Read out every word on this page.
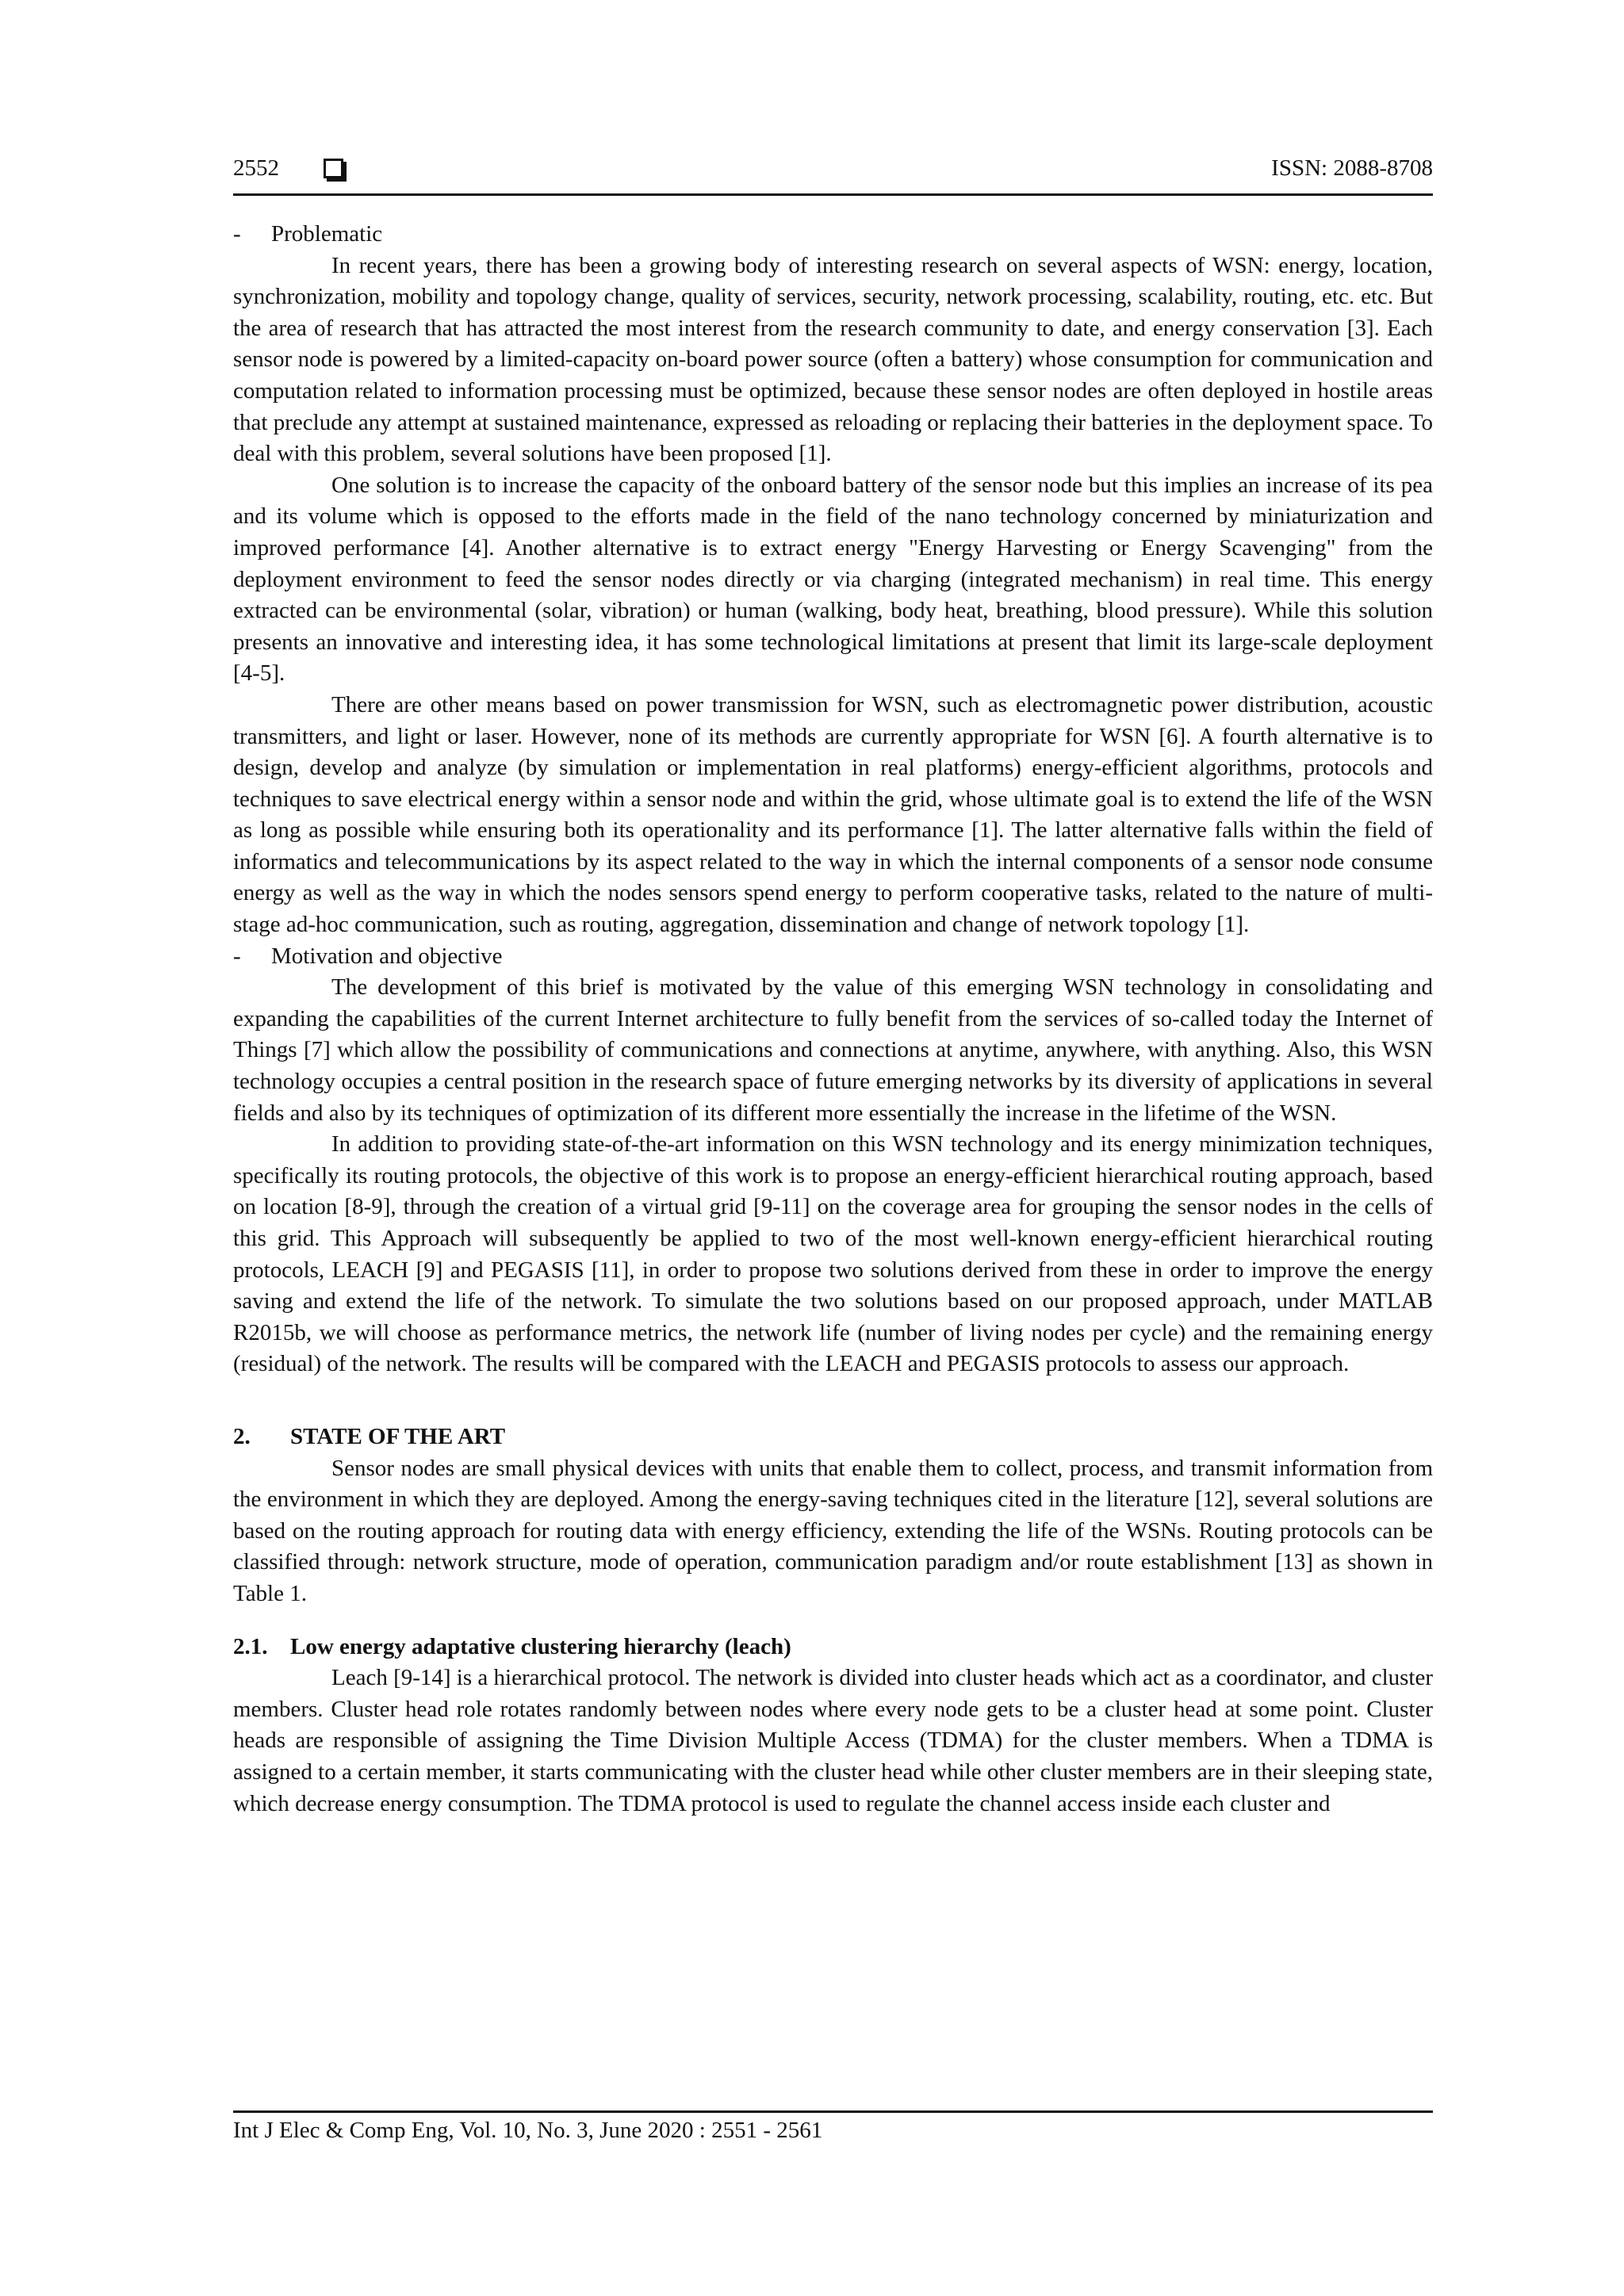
2552	ISSN: 2088-8708
- Problematic

In recent years, there has been a growing body of interesting research on several aspects of WSN: energy, location, synchronization, mobility and topology change, quality of services, security, network processing, scalability, routing, etc. etc. But the area of research that has attracted the most interest from the research community to date, and energy conservation [3]. Each sensor node is powered by a limited-capacity on-board power source (often a battery) whose consumption for communication and computation related to information processing must be optimized, because these sensor nodes are often deployed in hostile areas that preclude any attempt at sustained maintenance, expressed as reloading or replacing their batteries in the deployment space. To deal with this problem, several solutions have been proposed [1].

One solution is to increase the capacity of the onboard battery of the sensor node but this implies an increase of its pea and its volume which is opposed to the efforts made in the field of the nano technology concerned by miniaturization and improved performance [4]. Another alternative is to extract energy "Energy Harvesting or Energy Scavenging" from the deployment environment to feed the sensor nodes directly or via charging (integrated mechanism) in real time. This energy extracted can be environmental (solar, vibration) or human (walking, body heat, breathing, blood pressure). While this solution presents an innovative and interesting idea, it has some technological limitations at present that limit its large-scale deployment [4-5].

There are other means based on power transmission for WSN, such as electromagnetic power distribution, acoustic transmitters, and light or laser. However, none of its methods are currently appropriate for WSN [6]. A fourth alternative is to design, develop and analyze (by simulation or implementation in real platforms) energy-efficient algorithms, protocols and techniques to save electrical energy within a sensor node and within the grid, whose ultimate goal is to extend the life of the WSN as long as possible while ensuring both its operationality and its performance [1]. The latter alternative falls within the field of informatics and telecommunications by its aspect related to the way in which the internal components of a sensor node consume energy as well as the way in which the nodes sensors spend energy to perform cooperative tasks, related to the nature of multi-stage ad-hoc communication, such as routing, aggregation, dissemination and change of network topology [1].

- Motivation and objective

The development of this brief is motivated by the value of this emerging WSN technology in consolidating and expanding the capabilities of the current Internet architecture to fully benefit from the services of so-called today the Internet of Things [7] which allow the possibility of communications and connections at anytime, anywhere, with anything. Also, this WSN technology occupies a central position in the research space of future emerging networks by its diversity of applications in several fields and also by its techniques of optimization of its different more essentially the increase in the lifetime of the WSN.

In addition to providing state-of-the-art information on this WSN technology and its energy minimization techniques, specifically its routing protocols, the objective of this work is to propose an energy-efficient hierarchical routing approach, based on location [8-9], through the creation of a virtual grid [9-11] on the coverage area for grouping the sensor nodes in the cells of this grid. This Approach will subsequently be applied to two of the most well-known energy-efficient hierarchical routing protocols, LEACH [9] and PEGASIS [11], in order to propose two solutions derived from these in order to improve the energy saving and extend the life of the network. To simulate the two solutions based on our proposed approach, under MATLAB R2015b, we will choose as performance metrics, the network life (number of living nodes per cycle) and the remaining energy (residual) of the network. The results will be compared with the LEACH and PEGASIS protocols to assess our approach.

2. STATE OF THE ART

Sensor nodes are small physical devices with units that enable them to collect, process, and transmit information from the environment in which they are deployed. Among the energy-saving techniques cited in the literature [12], several solutions are based on the routing approach for routing data with energy efficiency, extending the life of the WSNs. Routing protocols can be classified through: network structure, mode of operation, communication paradigm and/or route establishment [13] as shown in Table 1.

2.1. Low energy adaptative clustering hierarchy (leach)

Leach [9-14] is a hierarchical protocol. The network is divided into cluster heads which act as a coordinator, and cluster members. Cluster head role rotates randomly between nodes where every node gets to be a cluster head at some point. Cluster heads are responsible of assigning the Time Division Multiple Access (TDMA) for the cluster members. When a TDMA is assigned to a certain member, it starts communicating with the cluster head while other cluster members are in their sleeping state, which decrease energy consumption. The TDMA protocol is used to regulate the channel access inside each cluster and

Int J Elec & Comp Eng, Vol. 10, No. 3, June 2020 : 2551 - 2561
